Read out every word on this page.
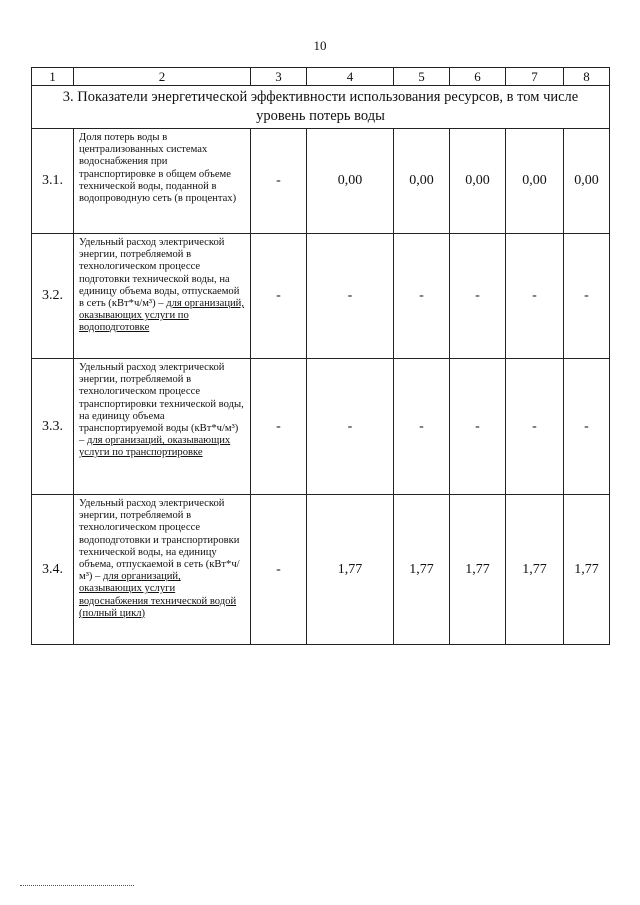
10
1	2	3	4	5	6	7	8
3. Показатели энергетической эффективности использования ресурсов, в том числе уровень потерь воды							
3.1.	Доля потерь воды в централизованных системах водоснабжения при транспортировке в общем объеме технической воды, поданной в водопроводную сеть (в процентах)	-	0,00	0,00	0,00	0,00	0,00
3.2.	Удельный расход электрической энергии, потребляемой в технологическом процессе подготовки технической воды, на единицу объема воды, отпускаемой в сеть (кВт*ч/м³) – для организаций, оказывающих услуги по водоподготовке	-	-	-	-	-	-
3.3.	Удельный расход электрической энергии, потребляемой в технологическом процессе транспортировки технической воды, на единицу объема транспортируемой воды (кВт*ч/м³) – для организаций, оказывающих услуги по транспортировке	-	-	-	-	-	-
3.4.	Удельный расход электрической энергии, потребляемой в технологическом процессе водоподготовки и транспортировки технической воды, на единицу объема, отпускаемой в сеть (кВт*ч/м³) – для организаций, оказывающих услуги водоснабжения технической водой (полный цикл)	-	1,77	1,77	1,77	1,77	1,77
